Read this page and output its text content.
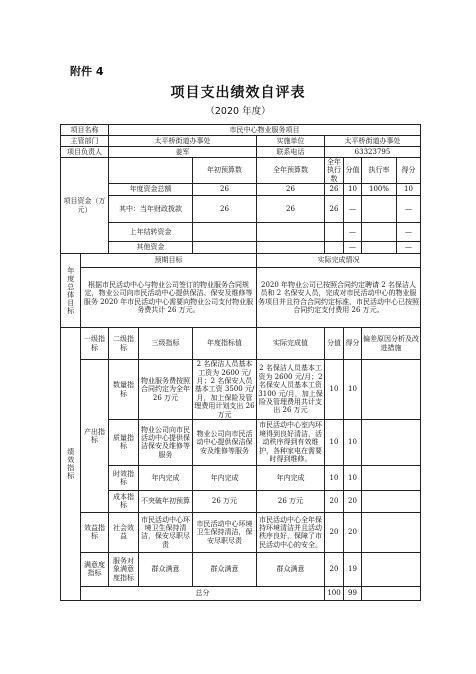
附件 4
项目支出绩效自评表
（2020 年度）
项目名称		市民中心物业服务项目							
主管部门		太平桥街道办事处			实施单位	太平桥街道办事处			
项目负责人		姜军			联系电话	63323795			
项目资金（万元）				年初预算数	全年预算数	全年执行数	分值	执行率	得分
		年度资金总额		26	26	26	10	100%	10
		其中：当年财政拨款		26	26	26	—		—
		上年结转资金					—		—
		其他资金					—		—
年度总体目标	预期目标				实际完成情况				
	根据市民活动中心与物业公司签订的物业服务合同规定，物业公司向市民活动中心提供保洁、保安及维修等服务 2020 年市民活动中心需要向物业公司支付物业服务费共计 26 万元。				2020 年物业公司已按照合同约定聘请 2 名保洁人员和 2 名保安人员，完成对市民活动中心的物业服务项目并且符合合同约定标准，市民活动中心已按照合同约定支付费用 26 万元。				
绩效指标	一级指标	二级指标	三级指标	年度指标值	实际完成值	分值	得分	偏差原因分析及改进措施	
	产出指标	数量指标	物业服务费按照合同约定为全年 26 万元	2 名保洁人员基本工资为 2600 元/月；2 名保安人员基本工资 3500 元/月，加上保险及管理费用计划支出 26 万元	2 名保洁人员基本工资为 2600 元/月；2 名保安人员基本工资 3100 元/月，加上保险及管理费用共计支出 26 万元	10	10		
		质量指标	物业公司向市民活动中心提供保洁保安及维修等服务	物业公司向市民活动中心提供保洁保安及维修等服务	市民活动中心室内环境得到良好清洁，活动秩序得到有效维护，各种家电在需要时得到维修。	10	10		
		时效指标	年内完成	年内完成	年内完成	10	10		
		成本指标	不突破年初预算	26 万元	26 万元	20	20		
	效益指标	社会效益	市民活动中心环境卫生保持清洁，保安尽职尽责	市民活动中心环境卫生保持清洁，保安尽职尽责	市民活动中心全年保持环境清洁并且活动秩序良好，保障了市民活动中心的安全。	20	20		
	满意度指标	服务对象满意度指标	群众满意	群众满意	群众满意	20	19		
	总分					100	99		
